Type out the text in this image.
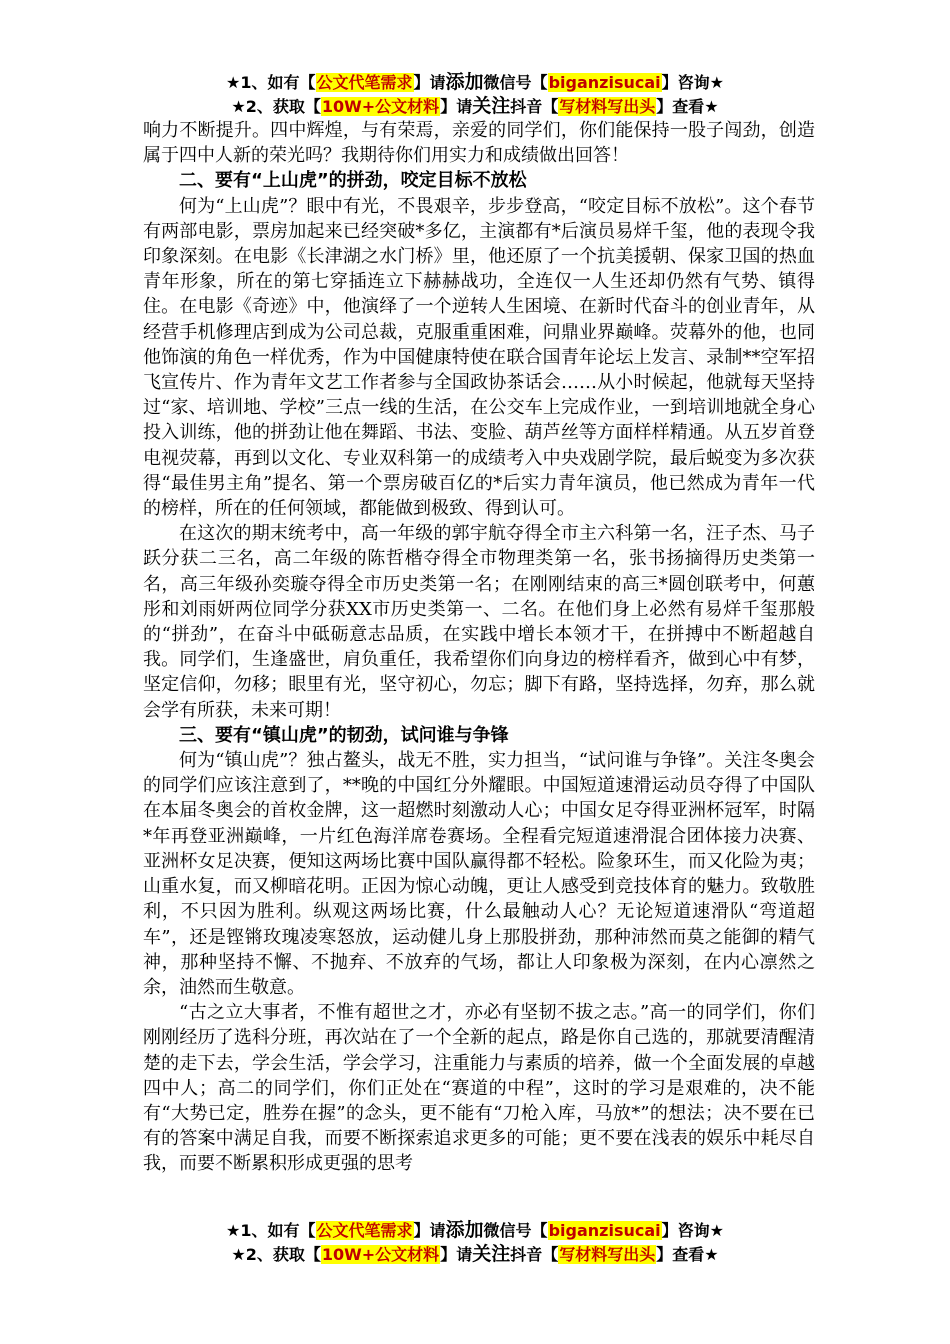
★1、如有【公文代笔需求】请添加微信号【biganzisucai】咨询★
★2、获取【10W+公文材料】请关注抖音【写材料写出头】查看★

响力不断提升。四中辉煌，与有荣焉，亲爱的同学们，你们能保持一股子闯劲，创造属于四中人新的荣光吗？我期待你们用实力和成绩做出回答！

二、要有“上山虎”的拼劲，咬定目标不放松

何为“上山虎”？眼中有光，不畏艰辛，步步登高，“咬定目标不放松”。这个春节有两部电影，票房加起来已经突破*多亿，主演都有*后演员易烊千玺，他的表现令我印象深刻。在电影《长津湖之水门桥》里，他还原了一个抗美援朝、保家卫国的热血青年形象，所在的第七穿插连立下赫赫战功，全连仅一人生还却仍然有气势、镇得住。在电影《奇迹》中，他演绎了一个逆转人生困境、在新时代奋斗的创业青年，从经营手机修理店到成为公司总裁，克服重重困难，问鼎业界巅峰。荧幕外的他，也同他饰演的角色一样优秀，作为中国健康特使在联合国青年论坛上发言、录制**空军招飞宣传片、作为青年文艺工作者参与全国政协茶话会……从小时候起，他就每天坚持过“家、培训地、学校”三点一线的生活，在公交车上完成作业，一到培训地就全身心投入训练，他的拼劲让他在舞蹈、书法、变脸、葫芦丝等方面样样精通。从五岁首登电视荧幕，再到以文化、专业双科第一的成绩考入中央戏剧学院，最后蜕变为多次获得“最佳男主角”提名、第一个票房破百亿的*后实力青年演员，他已然成为青年一代的榜样，所在的任何领域，都能做到极致、得到认可。

在这次的期末统考中，高一年级的郭宇航夺得全市主六科第一名，汪子杰、马子跃分获二三名，高二年级的陈哲楷夺得全市物理类第一名，张书扬摘得历史类第一名，高三年级孙奕璇夺得全市历史类第一名；在刚刚结束的高三*圆创联考中，何蕙彤和刘雨妍两位同学分获XX市历史类第一、二名。在他们身上必然有易烊千玺那般的“拼劲”，在奋斗中砥砺意志品质，在实践中增长本领才干，在拼搏中不断超越自我。同学们，生逢盛世，肩负重任，我希望你们向身边的榜样看齐，做到心中有梦，坚定信仰，勿移；眼里有光，坚守初心，勿忘；脚下有路，坚持选择，勿弃，那么就会学有所获，未来可期！

三、要有“镇山虎”的韧劲，试问谁与争锋

何为“镇山虎”？独占鳌头，战无不胜，实力担当，“试问谁与争锋”。关注冬奥会的同学们应该注意到了，**晚的中国红分外耀眼。中国短道速滑运动员夺得了中国队在本届冬奥会的首枚金牌，这一超燃时刻激动人心；中国女足夺得亚洲杯冠军，时隔*年再登亚洲巅峰，一片红色海洋席卷赛场。全程看完短道速滑混合团体接力决赛、亚洲杯女足决赛，便知这两场比赛中国队赢得都不轻松。险象环生，而又化险为夷；山重水复，而又柳暗花明。正因为惊心动魄，更让人感受到竞技体育的魅力。致敬胜利，不只因为胜利。纵观这两场比赛，什么最触动人心？无论短道速滑队“弯道超车”，还是铿锵玫瑰凌寒怒放，运动健儿身上那股拼劲，那种沛然而莫之能御的精气神，那种坚持不懈、不抛弃、不放弃的气场，都让人印象极为深刻，在内心凛然之余，油然而生敬意。

“古之立大事者，不惟有超世之才，亦必有坚韧不拔之志。”高一的同学们，你们刚刚经历了选科分班，再次站在了一个全新的起点，路是你自己选的，那就要清醒清楚的走下去，学会生活，学会学习，注重能力与素质的培养，做一个全面发展的卓越四中人；高二的同学们，你们正处在“赛道的中程”，这时的学习是艰难的，决不能有“大势已定，胜券在握”的念头，更不能有“刀枪入库，马放*”的想法；决不要在已有的答案中满足自我，而要不断探索追求更多的可能；更不要在浅表的娱乐中耗尽自我，而要不断累积形成更强的思考

★1、如有【公文代笔需求】请添加微信号【biganzisucai】咨询★
★2、获取【10W+公文材料】请关注抖音【写材料写出头】查看★
